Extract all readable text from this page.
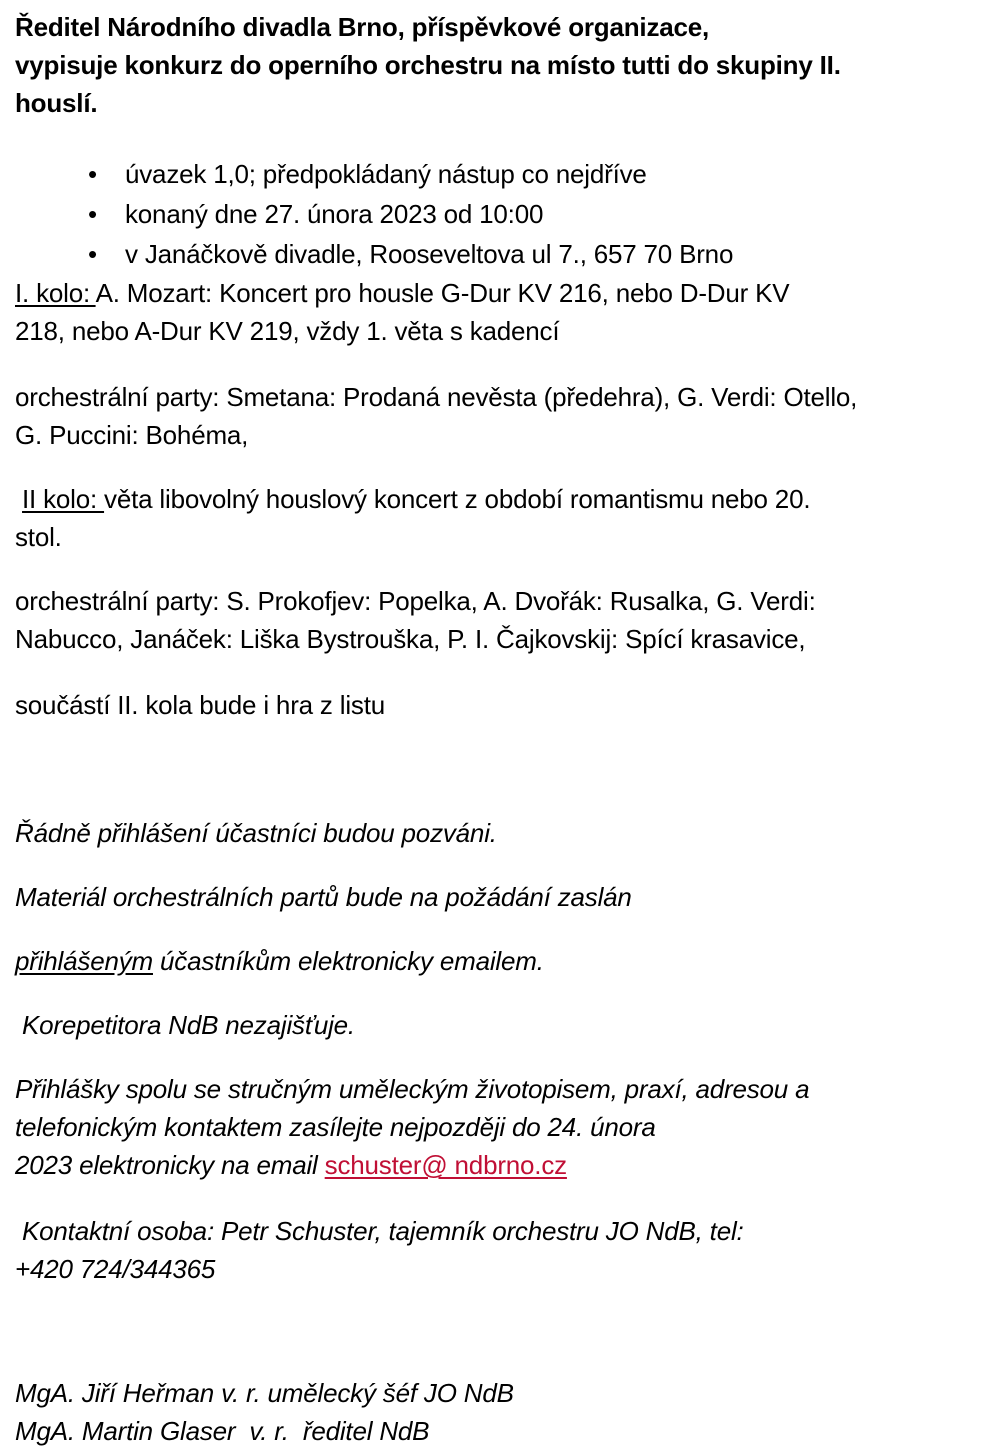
Ředitel Národního divadla Brno, příspěvkové organizace,
vypisuje konkurz do operního orchestru na místo tutti do skupiny II.
houslí.

• úvazek 1,0; předpokládaný nástup co nejdříve
• konaný dne 27. února 2023 od 10:00
• v Janáčkově divadle, Rooseveltova ul 7., 657 70 Brno

I. kolo: A. Mozart: Koncert pro housle G-Dur KV 216, nebo D-Dur KV
218, nebo A-Dur KV 219, vždy 1. věta s kadencí

orchestrální party: Smetana: Prodaná nevěsta (předehra), G. Verdi: Otello,
G. Puccini: Bohéma,

II kolo: věta libovolný houslový koncert z období romantismu nebo 20.
stol.

orchestrální party: S. Prokofjev: Popelka, A. Dvořák: Rusalka, G. Verdi:
Nabucco, Janáček: Liška Bystrouška, P. I. Čajkovskij: Spící krasavice,

součástí II. kola bude i hra z listu

Řádně přihlášení účastníci budou pozváni.

Materiál orchestrálních partů bude na požádání zaslán

přihlášeným účastníkům elektronicky emailem.

Korepetitora NdB nezajišťuje.

Přihlášky spolu se stručným uměleckým životopisem, praxí, adresou a
telefonickým kontaktem zasílejte nejpozději do 24. února
2023 elektronicky na email schuster@ ndbrno.cz

Kontaktní osoba: Petr Schuster, tajemník orchestru JO NdB, tel:
+420 724/344365

MgA. Jiří Heřman v. r. umělecký šéf JO NdB
MgA. Martin Glaser  v. r.  ředitel NdB
